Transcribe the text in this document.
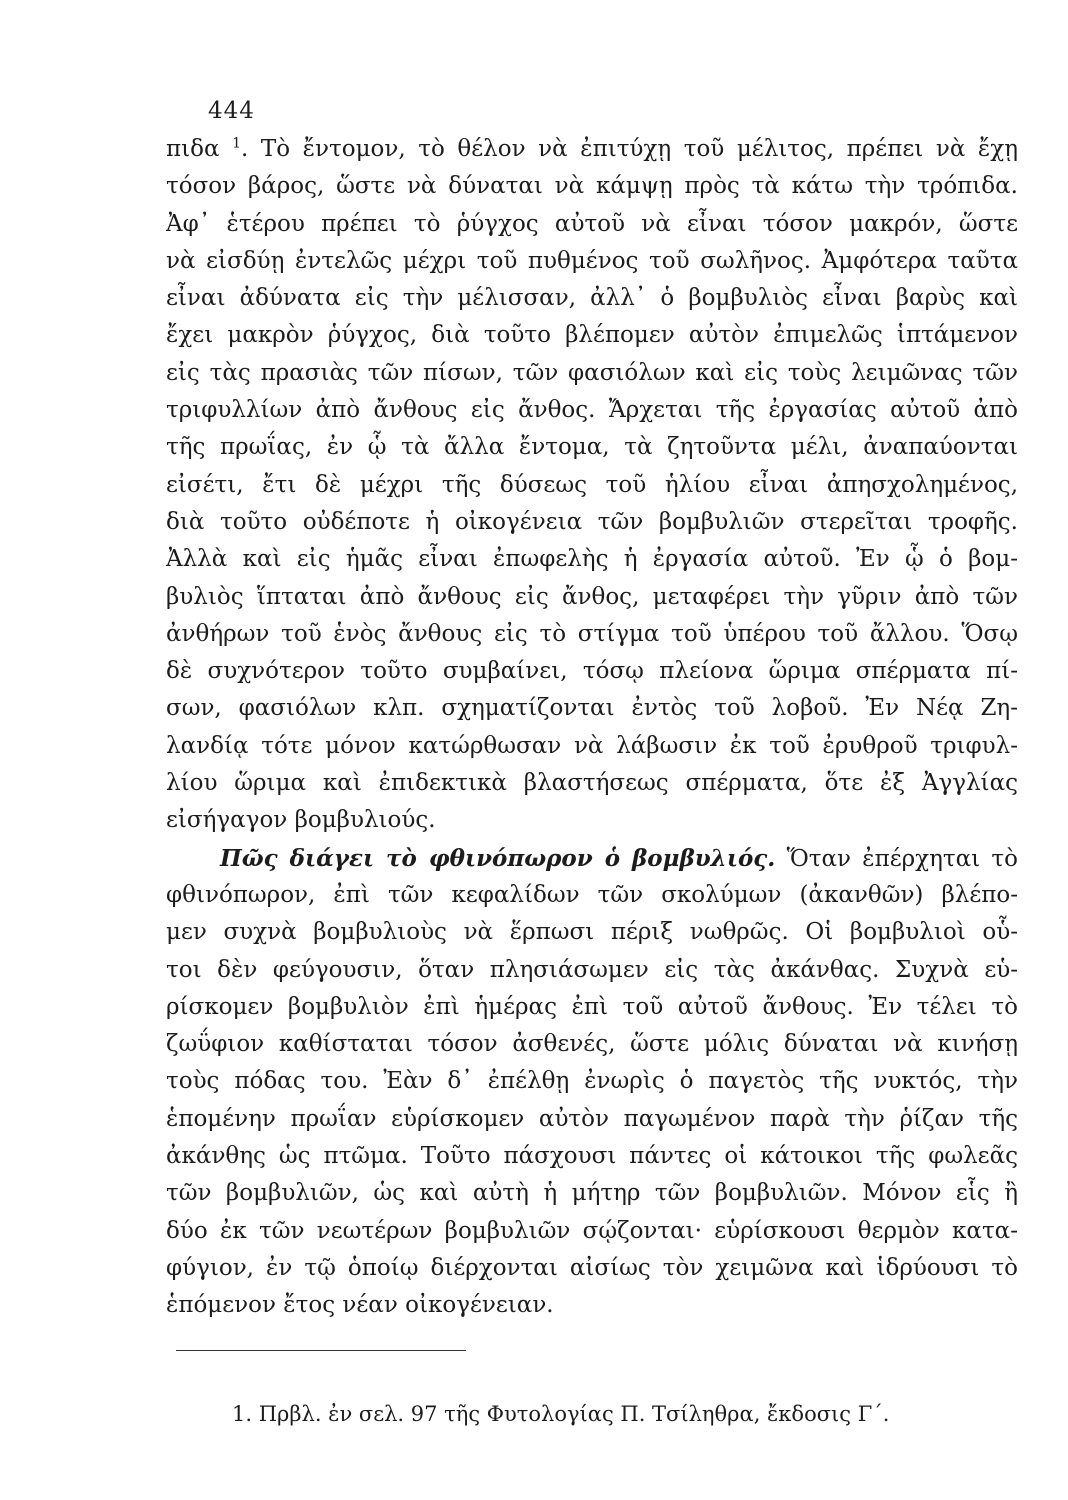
444
πιδα $^1$. Τὸ ἔντομον, τὸ θέλον νὰ ἐπιτύχῃ τοῦ μέλιτος, πρέπει νὰ ἔχῃ
τόσον βάρος, ὥστε νὰ δύναται νὰ κάμψῃ πρὸς τὰ κάτω τὴν τρόπιδα.
Ἀφ᾽ ἑτέρου πρέπει τὸ ῥύγχος αὐτοῦ νὰ εἶναι τόσον μακρόν, ὥστε
νὰ εἰσδύῃ ἐντελῶς μέχρι τοῦ πυθμένος τοῦ σωλῆνος. Ἀμφότερα ταῦτα
εἶναι ἀδύνατα εἰς τὴν μέλισσαν, ἀλλ᾽ ὁ βομβυλιὸς εἶναι βαρὺς καὶ
ἔχει μακρὸν ῥύγχος, διὰ τοῦτο βλέπομεν αὐτὸν ἐπιμελῶς ἱπτάμενον
εἰς τὰς πρασιὰς τῶν πίσων, τῶν φασιόλων καὶ εἰς τοὺς λειμῶνας τῶν
τριφυλλίων ἀπὸ ἄνθους εἰς ἄνθος. Ἄρχεται τῆς ἐργασίας αὐτοῦ ἀπὸ
τῆς πρωΐας, ἐν ᾧ τὰ ἄλλα ἔντομα, τὰ ζητοῦντα μέλι, ἀναπαύονται
εἰσέτι, ἔτι δὲ μέχρι τῆς δύσεως τοῦ ἡλίου εἶναι ἀπησχολημένος,
διὰ τοῦτο οὐδέποτε ἡ οἰκογένεια τῶν βομβυλιῶν στερεῖται τροφῆς.
Ἀλλὰ καὶ εἰς ἡμᾶς εἶναι ἐπωφελὴς ἡ ἐργασία αὐτοῦ. Ἐν ᾧ ὁ βομ-
βυλιὸς ἵπταται ἀπὸ ἄνθους εἰς ἄνθος, μεταφέρει τὴν γῦριν ἀπὸ τῶν
ἀνθήρων τοῦ ἑνὸς ἄνθους εἰς τὸ στίγμα τοῦ ὑπέρου τοῦ ἄλλου. Ὅσῳ
δὲ συχνότερον τοῦτο συμβαίνει, τόσῳ πλείονα ὥριμα σπέρματα πί-
σων, φασιόλων κλπ. σχηματίζονται ἐντὸς τοῦ λοβοῦ. Ἐν Νέᾳ Ζη-
λανδίᾳ τότε μόνον κατώρθωσαν νὰ λάβωσιν ἐκ τοῦ ἐρυθροῦ τριφυλ-
λίου ὥριμα καὶ ἐπιδεκτικὰ βλαστήσεως σπέρματα, ὅτε ἐξ Ἀγγλίας
εἰσήγαγον βομβυλιούς.
Πῶς διάγει τὸ φθινόπωρον ὁ βομβυλιός. Ὅταν ἐπέρχηται τὸ
φθινόπωρον, ἐπὶ τῶν κεφαλίδων τῶν σκολύμων (ἀκανθῶν) βλέπο-
μεν συχνὰ βομβυλιοὺς νὰ ἕρπωσι πέριξ νωθρῶς. Οἱ βομβυλιοὶ οὗ-
τοι δὲν φεύγουσιν, ὅταν πλησιάσωμεν εἰς τὰς ἀκάνθας. Συχνὰ εὑ-
ρίσκομεν βομβυλιὸν ἐπὶ ἡμέρας ἐπὶ τοῦ αὐτοῦ ἄνθους. Ἐν τέλει τὸ
ζωΰφιον καθίσταται τόσον ἀσθενές, ὥστε μόλις δύναται νὰ κινήσῃ
τοὺς πόδας του. Ἐὰν δ᾽ ἐπέλθῃ ἐνωρὶς ὁ παγετὸς τῆς νυκτός, τὴν
ἑπομένην πρωΐαν εὑρίσκομεν αὐτὸν παγωμένον παρὰ τὴν ῥίζαν τῆς
ἀκάνθης ὡς πτῶμα. Τοῦτο πάσχουσι πάντες οἱ κάτοικοι τῆς φωλεᾶς
τῶν βομβυλιῶν, ὡς καὶ αὐτὴ ἡ μήτηρ τῶν βομβυλιῶν. Μόνον εἷς ἢ
δύο ἐκ τῶν νεωτέρων βομβυλιῶν σῴζονται· εὑρίσκουσι θερμὸν κατα-
φύγιον, ἐν τῷ ὁποίῳ διέρχονται αἰσίως τὸν χειμῶνα καὶ ἱδρύουσι τὸ
ἑπόμενον ἔτος νέαν οἰκογένειαν.
1. Πρβλ. ἐν σελ. 97 τῆς Φυτολογίας Π. Τσίληθρα, ἔκδοσις Γ΄.
